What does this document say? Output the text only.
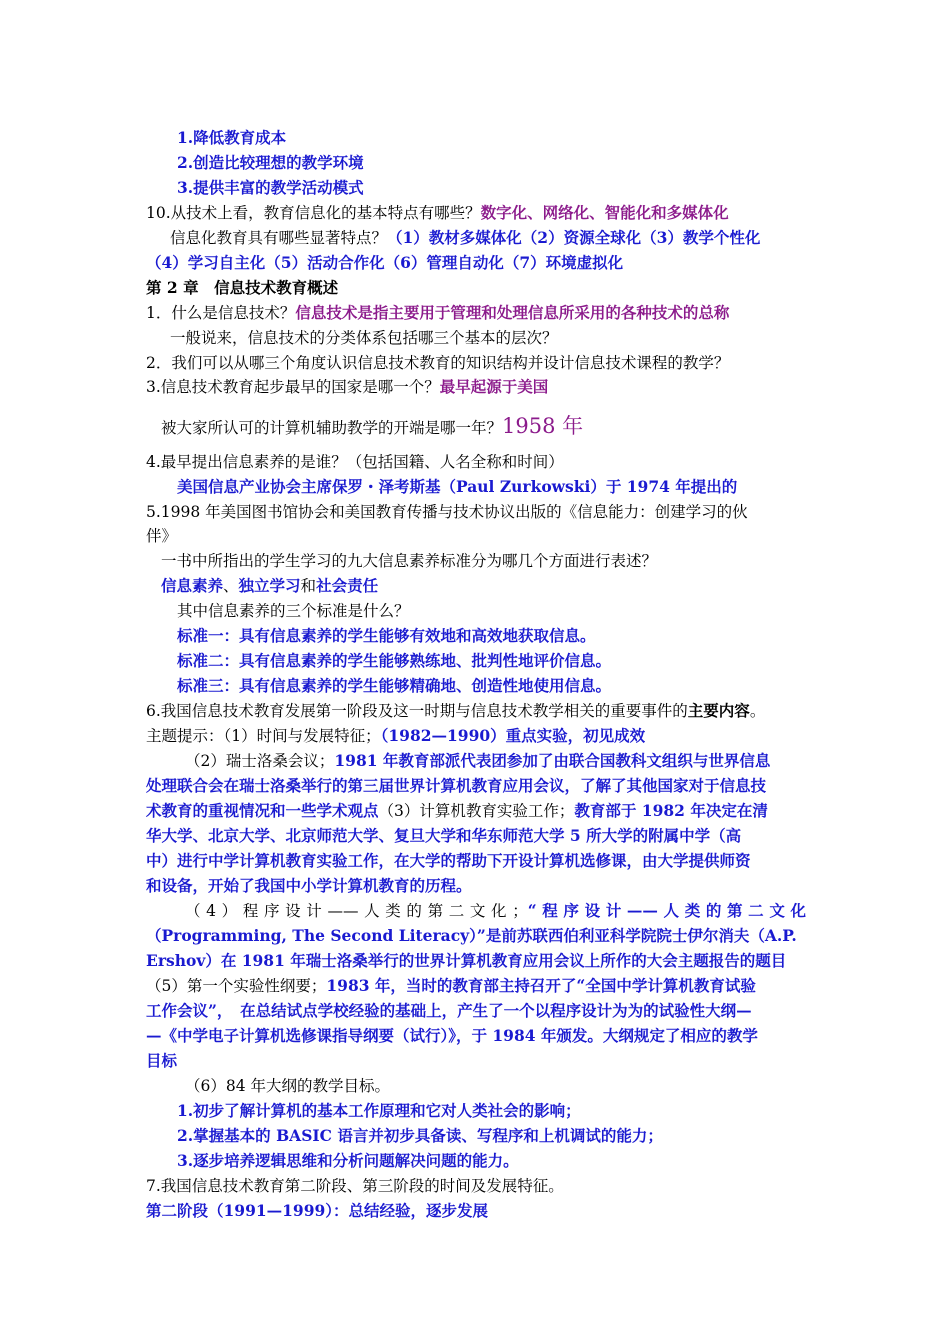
1.降低教育成本
2.创造比较理想的教学环境
3.提供丰富的教学活动模式
10.从技术上看，教育信息化的基本特点有哪些？数字化、网络化、智能化和多媒体化
信息化教育具有哪些显著特点？（1）教材多媒体化（2）资源全球化（3）教学个性化
（4）学习自主化（5）活动合作化（6）管理自动化（7）环境虚拟化
第 2 章　信息技术教育概述
1．什么是信息技术？信息技术是指主要用于管理和处理信息所采用的各种技术的总称
一般说来，信息技术的分类体系包括哪三个基本的层次？
2．我们可以从哪三个角度认识信息技术教育的知识结构并设计信息技术课程的教学？
3.信息技术教育起步最早的国家是哪一个？最早起源于美国
被大家所认可的计算机辅助教学的开端是哪一年？1958 年
4.最早提出信息素养的是谁？（包括国籍、人名全称和时间）
美国信息产业协会主席保罗・泽考斯基（Paul Zurkowski）于 1974 年提出的
5.1998 年美国图书馆协会和美国教育传播与技术协议出版的《信息能力：创建学习的伙
伴》
一书中所指出的学生学习的九大信息素养标准分为哪几个方面进行表述？
信息素养、独立学习和社会责任
其中信息素养的三个标准是什么？
标准一：具有信息素养的学生能够有效地和高效地获取信息。
标准二：具有信息素养的学生能够熟练地、批判性地评价信息。
标准三：具有信息素养的学生能够精确地、创造性地使用信息。
6.我国信息技术教育发展第一阶段及这一时期与信息技术教学相关的重要事件的主要内容。
主题提示：（1）时间与发展特征；（1982—1990）重点实验，初见成效
（2）瑞士洛桑会议；1981 年教育部派代表团参加了由联合国教科文组织与世界信息
处理联合会在瑞士洛桑举行的第三届世界计算机教育应用会议，了解了其他国家对于信息技
术教育的重视情况和一些学术观点（3）计算机教育实验工作；教育部于 1982 年决定在清
华大学、北京大学、北京师范大学、复旦大学和华东师范大学 5 所大学的附属中学（高
中）进行中学计算机教育实验工作，在大学的帮助下开设计算机选修课，由大学提供师资
和设备，开始了我国中小学计算机教育的历程。
（4）程序设计——人类的第二文化；“程序设计——人类的第二文化
（Programming, The Second Literacy）”是前苏联西伯利亚科学院院士伊尔消夫（A.P.
Ershov）在 1981 年瑞士洛桑举行的世界计算机教育应用会议上所作的大会主题报告的题目
（5）第一个实验性纲要；1983 年，当时的教育部主持召开了“全国中学计算机教育试验
工作会议”，　在总结试点学校经验的基础上，产生了一个以程序设计为为的试验性大纲—
—《中学电子计算机选修课指导纲要（试行）》，于 1984 年颁发。大纲规定了相应的教学
目标
（6）84 年大纲的教学目标。
1.初步了解计算机的基本工作原理和它对人类社会的影响；
2.掌握基本的 BASIC 语言并初步具备读、写程序和上机调试的能力；
3.逐步培养逻辑思维和分析问题解决问题的能力。
7.我国信息技术教育第二阶段、第三阶段的时间及发展特征。
第二阶段（1991—1999）：总结经验，逐步发展
